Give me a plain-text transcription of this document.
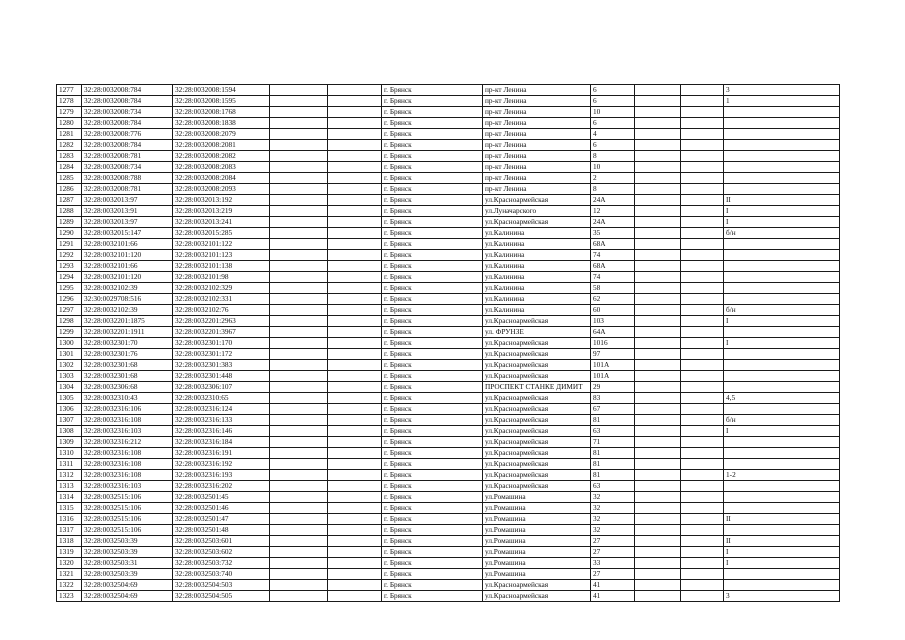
1277	32:28:0032008:784	32:28:0032008:1594			г. Брянск	пр-кт Ленина	6			3
1278	32:28:0032008:784	32:28:0032008:1595			г. Брянск	пр-кт Ленина	6			1
1279	32:28:0032008:734	32:28:0032008:1768			г. Брянск	пр-кт Ленина	10			
1280	32:28:0032008:784	32:28:0032008:1838			г. Брянск	пр-кт Ленина	6			
1281	32:28:0032008:776	32:28:0032008:2079			г. Брянск	пр-кт Ленина	4			
1282	32:28:0032008:784	32:28:0032008:2081			г. Брянск	пр-кт Ленина	6			
1283	32:28:0032008:781	32:28:0032008:2082			г. Брянск	пр-кт Ленина	8			
1284	32:28:0032008:734	32:28:0032008:2083			г. Брянск	пр-кт Ленина	10			
1285	32:28:0032008:788	32:28:0032008:2084			г. Брянск	пр-кт Ленина	2			
1286	32:28:0032008:781	32:28:0032008:2093			г. Брянск	пр-кт Ленина	8			
1287	32:28:0032013:97	32:28:0032013:192			г. Брянск	ул.Красноармейская	24А			II
1288	32:28:0032013:91	32:28:0032013:219			г. Брянск	ул.Луначарского	12			I
1289	32:28:0032013:97	32:28:0032013:241			г. Брянск	ул.Красноармейская	24А			I
1290	32:28:0032015:147	32:28:0032015:285			г. Брянск	ул.Калинина	35			б/н
1291	32:28:0032101:66	32:28:0032101:122			г. Брянск	ул.Калинина	68А			
1292	32:28:0032101:120	32:28:0032101:123			г. Брянск	ул.Калинина	74			
1293	32:28:0032101:66	32:28:0032101:138			г. Брянск	ул.Калинина	68А			
1294	32:28:0032101:120	32:28:0032101:98			г. Брянск	ул.Калинина	74			
1295	32:28:0032102:39	32:28:0032102:329			г. Брянск	ул.Калинина	58			
1296	32:30:0029708:516	32:28:0032102:331			г. Брянск	ул.Калинина	62			
1297	32:28:0032102:39	32:28:0032102:76			г. Брянск	ул.Калинина	60			б/н
1298	32:28:0032201:1875	32:28:0032201:2963			г. Брянск	ул.Красноармейская	103			I
1299	32:28:0032201:1911	32:28:0032201:3967			г. Брянск	ул. ФРУНЗЕ	64А			
1300	32:28:0032301:70	32:28:0032301:170			г. Брянск	ул.Красноармейская	1016			I
1301	32:28:0032301:76	32:28:0032301:172			г. Брянск	ул.Красноармейская	97			
1302	32:28:0032301:68	32:28:0032301:383			г. Брянск	ул.Красноармейская	101А			
1303	32:28:0032301:68	32:28:0032301:448			г. Брянск	ул.Красноармейская	101А			
1304	32:28:0032306:68	32:28:0032306:107			г. Брянск	ПРОСПЕКТ СТАНКЕ ДИМИТ	29			
1305	32:28:0032310:43	32:28:0032310:65			г. Брянск	ул.Красноармейская	83			4,5
1306	32:28:0032316:106	32:28:0032316:124			г. Брянск	ул.Красноармейская	67			
1307	32:28:0032316:108	32:28:0032316:133			г. Брянск	ул.Красноармейская	81			б/н
1308	32:28:0032316:103	32:28:0032316:146			г. Брянск	ул.Красноармейская	63			I
1309	32:28:0032316:212	32:28:0032316:184			г. Брянск	ул.Красноармейская	71			
1310	32:28:0032316:108	32:28:0032316:191			г. Брянск	ул.Красноармейская	81			
1311	32:28:0032316:108	32:28:0032316:192			г. Брянск	ул.Красноармейская	81			
1312	32:28:0032316:108	32:28:0032316:193			г. Брянск	ул.Красноармейская	81			1-2
1313	32:28:0032316:103	32:28:0032316:202			г. Брянск	ул.Красноармейская	63			
1314	32:28:0032515:106	32:28:0032501:45			г. Брянск	ул.Ромашина	32			
1315	32:28:0032515:106	32:28:0032501:46			г. Брянск	ул.Ромашина	32			
1316	32:28:0032515:106	32:28:0032501:47			г. Брянск	ул.Ромашина	32			II
1317	32:28:0032515:106	32:28:0032501:48			г. Брянск	ул.Ромашина	32			
1318	32:28:0032503:39	32:28:0032503:601			г. Брянск	ул.Ромашина	27			II
1319	32:28:0032503:39	32:28:0032503:602			г. Брянск	ул.Ромашина	27			I
1320	32:28:0032503:31	32:28:0032503:732			г. Брянск	ул.Ромашина	33			I
1321	32:28:0032503:39	32:28:0032503:740			г. Брянск	ул.Ромашина	27			
1322	32:28:0032504:69	32:28:0032504:503			г. Брянск	ул.Красноармейская	41			
1323	32:28:0032504:69	32:28:0032504:505			г. Брянск	ул.Красноармейская	41			3
